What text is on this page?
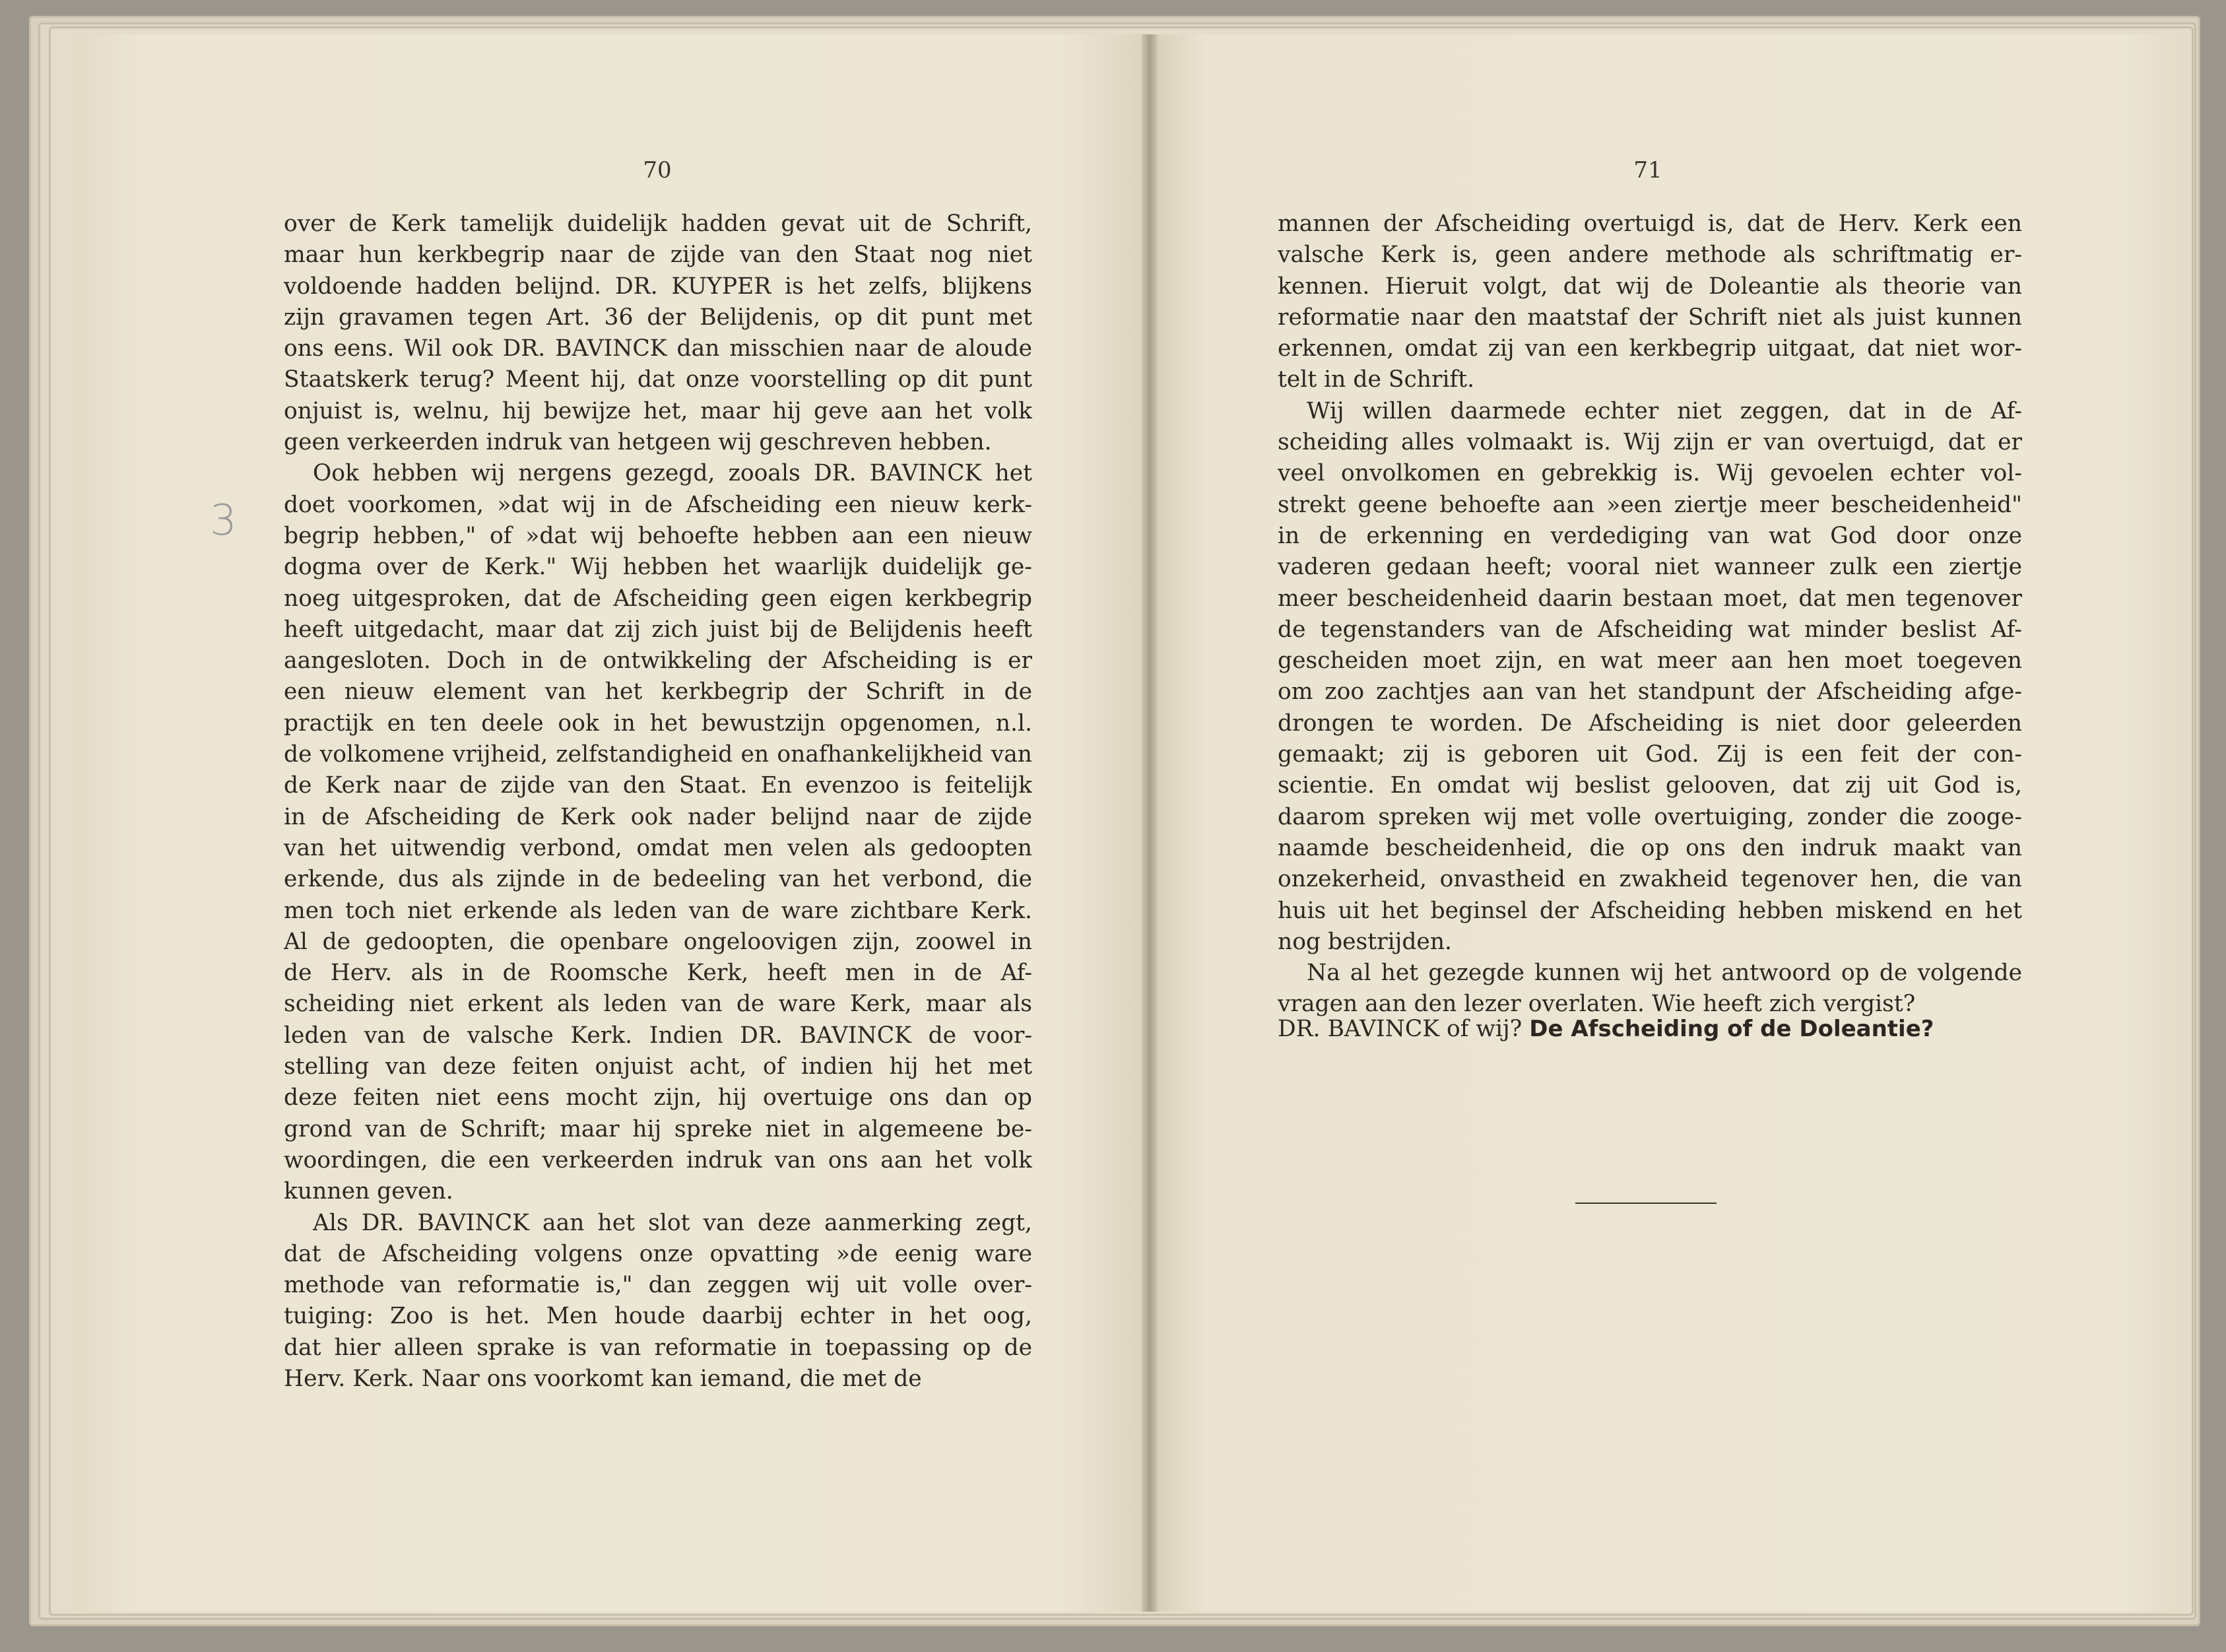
70	71
3

over de Kerk tamelijk duidelijk hadden gevat uit de Schrift,
maar hun kerkbegrip naar de zijde van den Staat nog niet
voldoende hadden belijnd. DR. KUYPER is het zelfs, blijkens
zijn gravamen tegen Art. 36 der Belijdenis, op dit punt met
ons eens. Wil ook DR. BAVINCK dan misschien naar de aloude
Staatskerk terug? Meent hij, dat onze voorstelling op dit punt
onjuist is, welnu, hij bewijze het, maar hij geve aan het volk
geen verkeerden indruk van hetgeen wij geschreven hebben.

Ook hebben wij nergens gezegd, zooals DR. BAVINCK het
doet voorkomen, »dat wij in de Afscheiding een nieuw kerk-
begrip hebben," of »dat wij behoefte hebben aan een nieuw
dogma over de Kerk." Wij hebben het waarlijk duidelijk ge-
noeg uitgesproken, dat de Afscheiding geen eigen kerkbegrip
heeft uitgedacht, maar dat zij zich juist bij de Belijdenis heeft
aangesloten. Doch in de ontwikkeling der Afscheiding is er
een nieuw element van het kerkbegrip der Schrift in de
practijk en ten deele ook in het bewustzijn opgenomen, n.l.
de volkomene vrijheid, zelfstandigheid en onafhankelijkheid van
de Kerk naar de zijde van den Staat. En evenzoo is feitelijk
in de Afscheiding de Kerk ook nader belijnd naar de zijde
van het uitwendig verbond, omdat men velen als gedoopten
erkende, dus als zijnde in de bedeeling van het verbond, die
men toch niet erkende als leden van de ware zichtbare Kerk.
Al de gedoopten, die openbare ongeloovigen zijn, zoowel in
de Herv. als in de Roomsche Kerk, heeft men in de Af-
scheiding niet erkent als leden van de ware Kerk, maar als
leden van de valsche Kerk. Indien DR. BAVINCK de voor-
stelling van deze feiten onjuist acht, of indien hij het met
deze feiten niet eens mocht zijn, hij overtuige ons dan op
grond van de Schrift; maar hij spreke niet in algemeene be-
woordingen, die een verkeerden indruk van ons aan het volk
kunnen geven.

Als DR. BAVINCK aan het slot van deze aanmerking zegt,
dat de Afscheiding volgens onze opvatting »de eenig ware
methode van reformatie is," dan zeggen wij uit volle over-
tuiging: Zoo is het. Men houde daarbij echter in het oog,
dat hier alleen sprake is van reformatie in toepassing op de
Herv. Kerk. Naar ons voorkomt kan iemand, die met de

mannen der Afscheiding overtuigd is, dat de Herv. Kerk een
valsche Kerk is, geen andere methode als schriftmatig er-
kennen. Hieruit volgt, dat wij de Doleantie als theorie van
reformatie naar den maatstaf der Schrift niet als juist kunnen
erkennen, omdat zij van een kerkbegrip uitgaat, dat niet wor-
telt in de Schrift.

Wij willen daarmede echter niet zeggen, dat in de Af-
scheiding alles volmaakt is. Wij zijn er van overtuigd, dat er
veel onvolkomen en gebrekkig is. Wij gevoelen echter vol-
strekt geene behoefte aan »een ziertje meer bescheidenheid"
in de erkenning en verdediging van wat God door onze
vaderen gedaan heeft; vooral niet wanneer zulk een ziertje
meer bescheidenheid daarin bestaan moet, dat men tegenover
de tegenstanders van de Afscheiding wat minder beslist Af-
gescheiden moet zijn, en wat meer aan hen moet toegeven
om zoo zachtjes aan van het standpunt der Afscheiding afge-
drongen te worden. De Afscheiding is niet door geleerden
gemaakt; zij is geboren uit God. Zij is een feit der con-
scientie. En omdat wij beslist gelooven, dat zij uit God is,
daarom spreken wij met volle overtuiging, zonder die zooge-
naamde bescheidenheid, die op ons den indruk maakt van
onzekerheid, onvastheid en zwakheid tegenover hen, die van
huis uit het beginsel der Afscheiding hebben miskend en het
nog bestrijden.

Na al het gezegde kunnen wij het antwoord op de volgende
vragen aan den lezer overlaten. Wie heeft zich vergist?

DR. BAVINCK of wij? De Afscheiding of de Doleantie?
